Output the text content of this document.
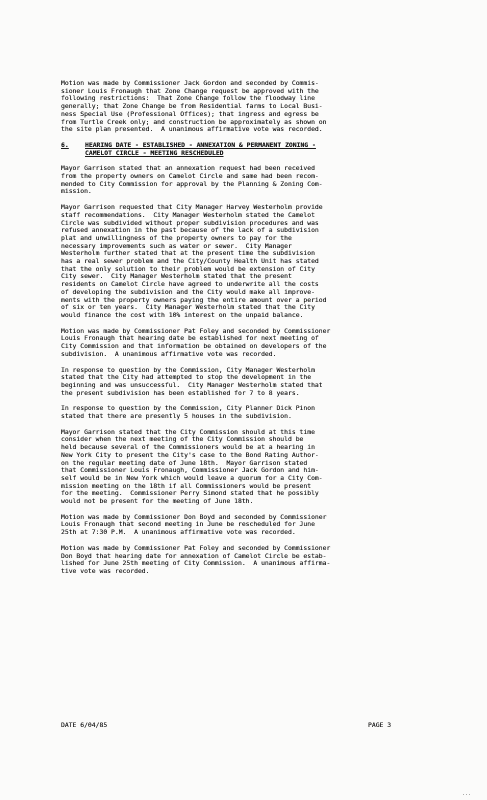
Motion was made by Commissioner Jack Gordon and seconded by Commis-
sioner Louis Fronaugh that Zone Change request be approved with the
following restrictions:  That Zone Change follow the floodway line
generally; that Zone Change be from Residential farms to Local Busi-
ness Special Use (Professional Offices); that ingress and egress be
from Turtle Creek only; and construction be approximately as shown on
the site plan presented.  A unanimous affirmative vote was recorded.

6.	HEARING DATE - ESTABLISHED - ANNEXATION & PERMANENT ZONING -
CAMELOT CIRCLE - MEETING RESCHEDULED

Mayor Garrison stated that an annexation request had been received
from the property owners on Camelot Circle and same had been recom-
mended to City Commission for approval by the Planning & Zoning Com-
mission.

Mayor Garrison requested that City Manager Harvey Westerholm provide
staff recommendations.  City Manager Westerholm stated the Camelot
Circle was subdivided without proper subdivision procedures and was
refused annexation in the past because of the lack of a subdivision
plat and unwillingness of the property owners to pay for the
necessary improvements such as water or sewer.  City Manager
Westerholm further stated that at the present time the subdivision
has a real sewer problem and the City/County Health Unit has stated
that the only solution to their problem would be extension of City
City sewer.  City Manager Westerholm stated that the present
residents on Camelot Circle have agreed to underwrite all the costs
of developing the subdivision and the City would make all improve-
ments with the property owners paying the entire amount over a period
of six or ten years.  City Manager Westerholm stated that the City
would finance the cost with 10% interest on the unpaid balance.

Motion was made by Commissioner Pat Foley and seconded by Commissioner
Louis Fronaugh that hearing date be established for next meeting of
City Commission and that information be obtained on developers of the
subdivision.  A unanimous affirmative vote was recorded.

In response to question by the Commission, City Manager Westerholm
stated that the City had attempted to stop the development in the
beginning and was unsuccessful.  City Manager Westerholm stated that
the present subdivision has been established for 7 to 8 years.

In response to question by the Commission, City Planner Dick Pinon
stated that there are presently 5 houses in the subdivision.

Mayor Garrison stated that the City Commission should at this time
consider when the next meeting of the City Commission should be
held because several of the Commissioners would be at a hearing in
New York City to present the City's case to the Bond Rating Author-
on the regular meeting date of June 18th.  Mayor Garrison stated
that Commissioner Louis Fronaugh, Commissioner Jack Gordon and him-
self would be in New York which would leave a quorum for a City Com-
mission meeting on the 18th if all Commissioners would be present
for the meeting.  Commissioner Perry Simond stated that he possibly
would not be present for the meeting of June 18th.

Motion was made by Commissioner Don Boyd and seconded by Commissioner
Louis Fronaugh that second meeting in June be rescheduled for June
25th at 7:30 P.M.  A unanimous affirmative vote was recorded.

Motion was made by Commissioner Pat Foley and seconded by Commissioner
Don Boyd that hearing date for annexation of Camelot Circle be estab-
lished for June 25th meeting of City Commission.  A unanimous affirma-
tive vote was recorded.

DATE 6/04/85	PAGE 3
...
